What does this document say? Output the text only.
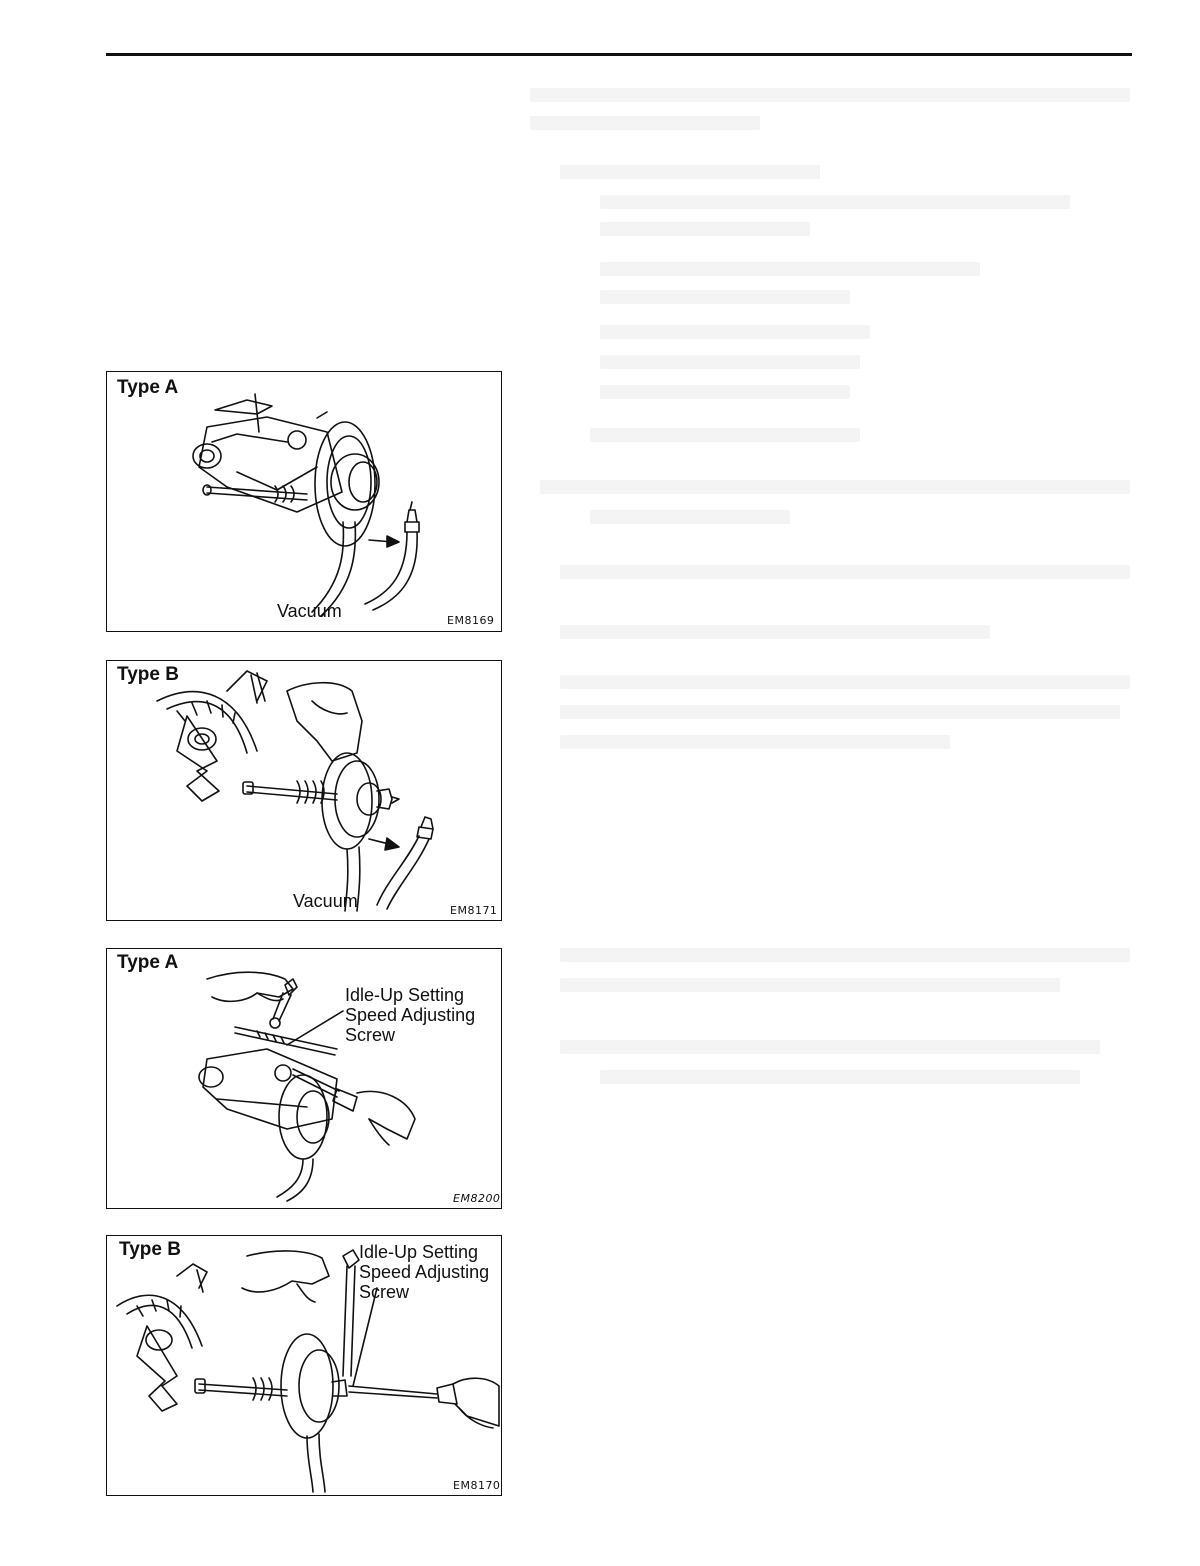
Type A
Vacuum	EM8169
Type B
Vacuum	EM8171
Type A
Idle-Up Setting
Speed Adjusting
Screw
EM8200
Type B	Idle-Up Setting
Speed Adjusting
Screw
EM8170
